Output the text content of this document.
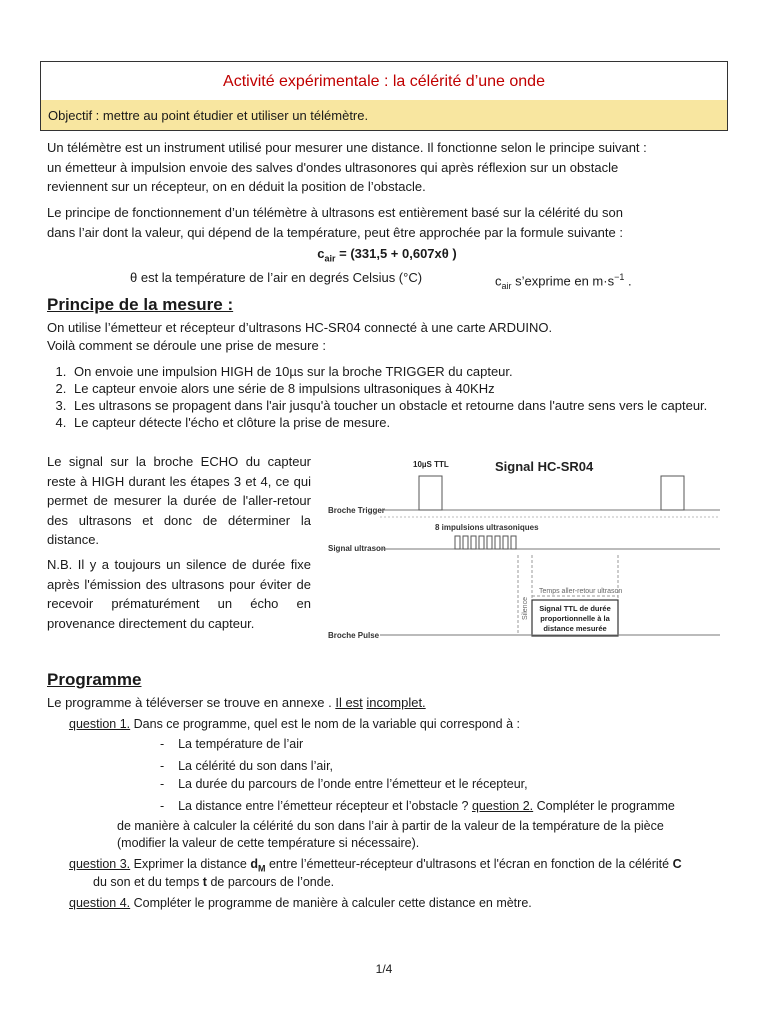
Activité expérimentale : la célérité d’une onde
Objectif : mettre au point étudier et utiliser un télémètre.
Un télémètre est un instrument utilisé pour mesurer une distance. Il fonctionne selon le principe suivant :
un émetteur à impulsion envoie des salves d'ondes ultrasonores qui après réflexion sur un obstacle
reviennent sur un récepteur, on en déduit la position de l’obstacle.
Le principe de fonctionnement d’un télémètre à ultrasons est entièrement basé sur la célérité du son
dans l’air dont la valeur, qui dépend de la température, peut être approchée par la formule suivante :
$c_{air} = (331,5 + 0,607x\theta$ )
θ est la température de l’air en degrés Celsius (°C)	$c_{air}$ s’exprime en $m\cdot s^{-1}$ .
Principe de la mesure :
On utilise l’émetteur et récepteur d’ultrasons HC-SR04 connecté à une carte ARDUINO.
Voilà comment se déroule une prise de mesure :
1. On envoie une impulsion HIGH de 10µs sur la broche TRIGGER du capteur.
2. Le capteur envoie alors une série de 8 impulsions ultrasoniques à 40KHz
3. Les ultrasons se propagent dans l'air jusqu'à toucher un obstacle et retourne dans l'autre sens vers le capteur.
4. Le capteur détecte l'écho et clôture la prise de mesure.
Le signal sur la broche ECHO du capteur reste à HIGH durant les étapes 3 et 4, ce qui permet de mesurer la durée de l'aller-retour des ultrasons et donc de déterminer la distance.
N.B. Il y a toujours un silence de durée fixe après l'émission des ultrasons pour éviter de recevoir prématurément un écho en provenance directement du capteur.
Signal HC-SR04
10µS TTL
Broche Trigger
8 impulsions ultrasoniques
Signal ultrason
Temps aller-retour ultrason
Silence Signal TTL de durée
proportionnelle à la
distance mesurée
Broche Pulse
Programme
Le programme à téléverser se trouve en annexe . Il est incomplet.
question 1. Dans ce programme, quel est le nom de la variable qui correspond à :
-    La température de l’air
-    La célérité du son dans l’air,
-    La durée du parcours de l’onde entre l’émetteur et le récepteur,
-    La distance entre l’émetteur récepteur et l’obstacle ? question 2. Compléter le programme
de manière à calculer la célérité du son dans l’air à partir de la valeur de la température de la pièce
(modifier la valeur de cette température si nécessaire).
question 3. Exprimer la distance $d_M$ entre l’émetteur-récepteur d'ultrasons et l'écran en fonction de la célérité C
du son et du temps t de parcours de l’onde.
question 4. Compléter le programme de manière à calculer cette distance en mètre.
1/4
